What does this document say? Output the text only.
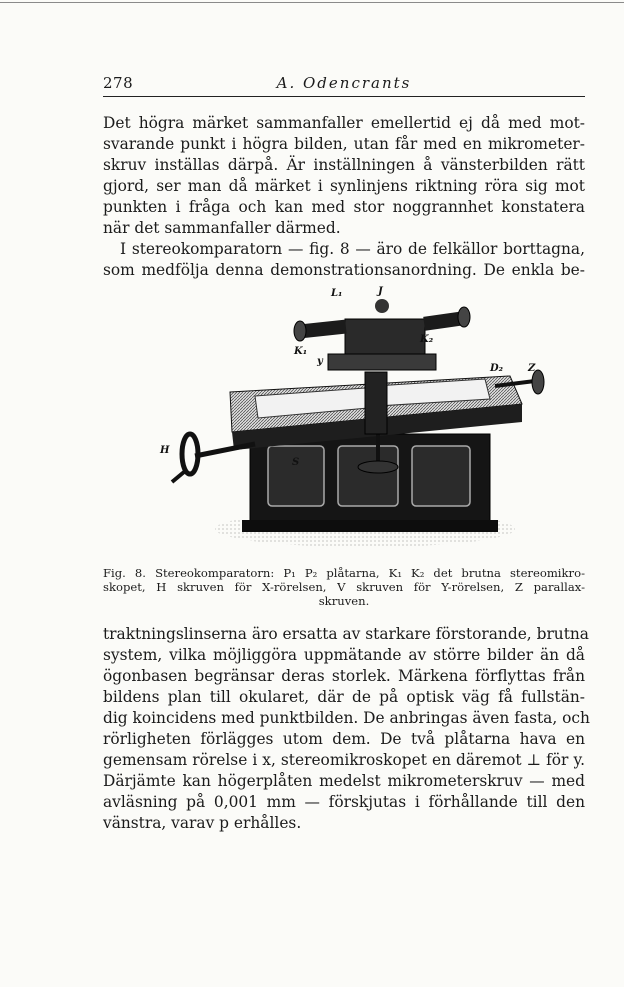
278	A. Odencrants
Det högra märket sammanfaller emellertid ej då med mot-
svarande punkt i högra bilden, utan får med en mikrometer-
skruv inställas därpå. Är inställningen å vänsterbilden rätt
gjord, ser man då märket i synlinjens riktning röra sig mot
punkten i fråga och kan med stor noggrannhet konstatera
när det sammanfaller därmed.
I stereokomparatorn — fig. 8 — äro de felkällor borttagna,
som medfölja denna demonstrationsanordning. De enkla be-
L₁	J
K₁
y
K₂
D₂ Z
H
S
Fig. 8. Stereokomparatorn: P₁ P₂ plåtarna, K₁ K₂ det brutna stereomikro-
skopet, H skruven för X-rörelsen, V skruven för Y-rörelsen, Z parallax-
skruven.
traktningslinserna äro ersatta av starkare förstorande, brutna
system, vilka möjliggöra uppmätande av större bilder än då
ögonbasen begränsar deras storlek. Märkena förflyttas från
bildens plan till okularet, där de på optisk väg få fullstän-
dig koincidens med punktbilden. De anbringas även fasta, och
rörligheten förlägges utom dem. De två plåtarna hava en
gemensam rörelse i x, stereomikroskopet en däremot ⊥ för y.
Därjämte kan högerplåten medelst mikrometerskruv — med
avläsning på 0,001 mm — förskjutas i förhållande till den
vänstra, varav p erhålles.
